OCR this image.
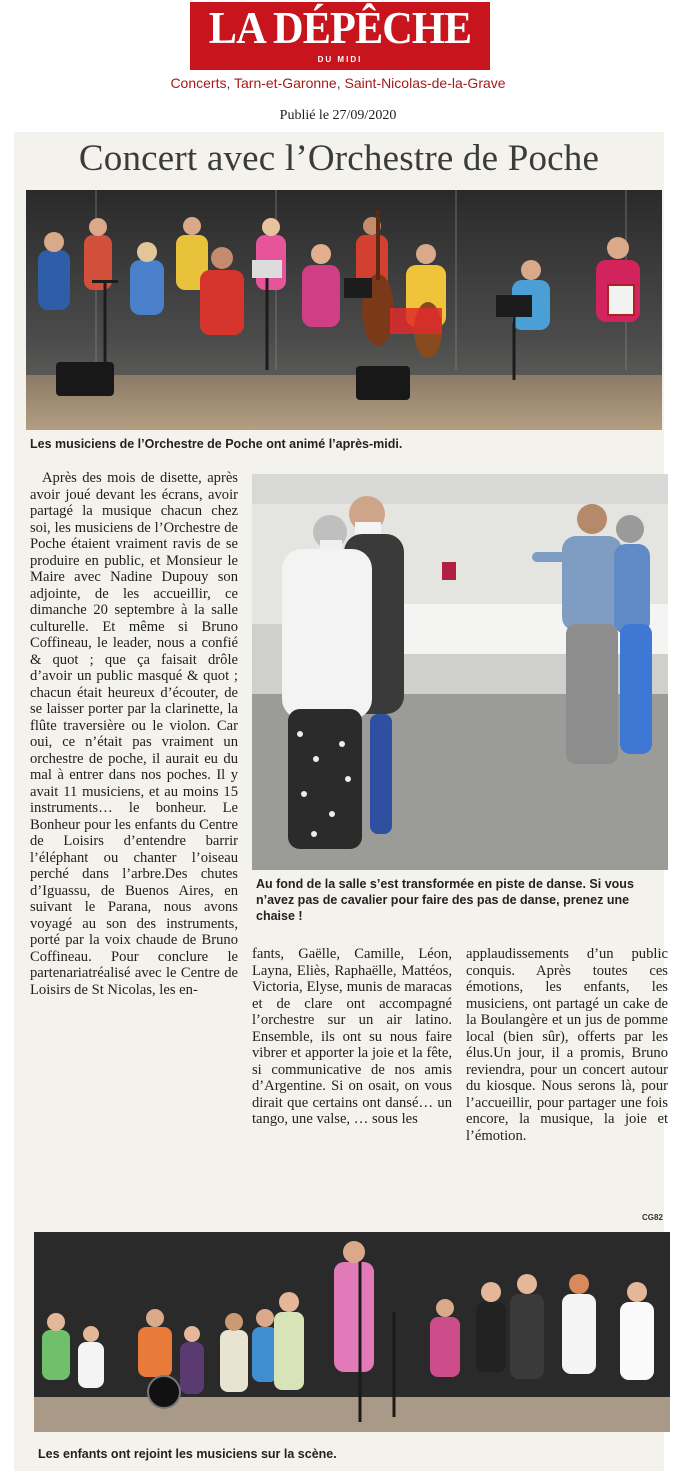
LA DÉPÊCHE
DU MIDI
Concerts, Tarn-et-Garonne, Saint-Nicolas-de-la-Grave
Publié le 27/09/2020
Concert avec l’Orchestre de Poche
Les musiciens de l’Orchestre de Poche ont animé l’après-midi.

Après des mois de disette, après avoir joué devant les écrans, avoir partagé la musique chacun chez soi, les musiciens de l’Orchestre de Poche étaient vraiment ravis de se produire en public, et Monsieur le Maire avec Nadine Dupouy son adjointe, de les accueillir, ce dimanche 20 septembre à la salle culturelle. Et même si Bruno Coffineau, le leader, nous a confié & quot ; que ça faisait drôle d’avoir un public masqué & quot ; chacun était heureux d’écouter, de se laisser porter par la clarinette, la flûte traversière ou le violon. Car oui, ce n’était pas vraiment un orchestre de poche, il aurait eu du mal à entrer dans nos poches. Il y avait 11 musiciens, et au moins 15 instruments… le bonheur. Le Bonheur pour les enfants du Centre de Loisirs d’entendre barrir l’éléphant ou chanter l’oiseau perché dans l’arbre.Des chutes d’Iguassu, de Buenos Aires, en suivant le Parana, nous avons voyagé au son des instruments, porté par la voix chaude de Bruno Coffineau. Pour conclure le partenariatréalisé avec le Centre de Loisirs de St Nicolas, les en-

Au fond de la salle s’est transformée en piste de danse. Si vous n’avez pas de cavalier pour faire des pas de danse, prenez une chaise !

fants, Gaëlle, Camille, Léon, Layna, Eliès, Raphaëlle, Mattéos, Victoria, Elyse, munis de maracas et de clare ont accompagné l’orchestre sur un air latino. Ensemble, ils ont su nous faire vibrer et apporter la joie et la fête, si communicative de nos amis d’Argentine. Si on osait, on vous dirait que certains ont dansé… un tango, une valse, … sous les

applaudissements d’un public conquis. Après toutes ces émotions, les enfants, les musiciens, ont partagé un cake de la Boulangère et un jus de pomme local (bien sûr), offerts par les élus.Un jour, il a promis, Bruno reviendra, pour un concert autour du kiosque. Nous serons là, pour l’accueillir, pour partager une fois encore, la musique, la joie et l’émotion.

CG82
Les enfants ont rejoint les musiciens sur la scène.
